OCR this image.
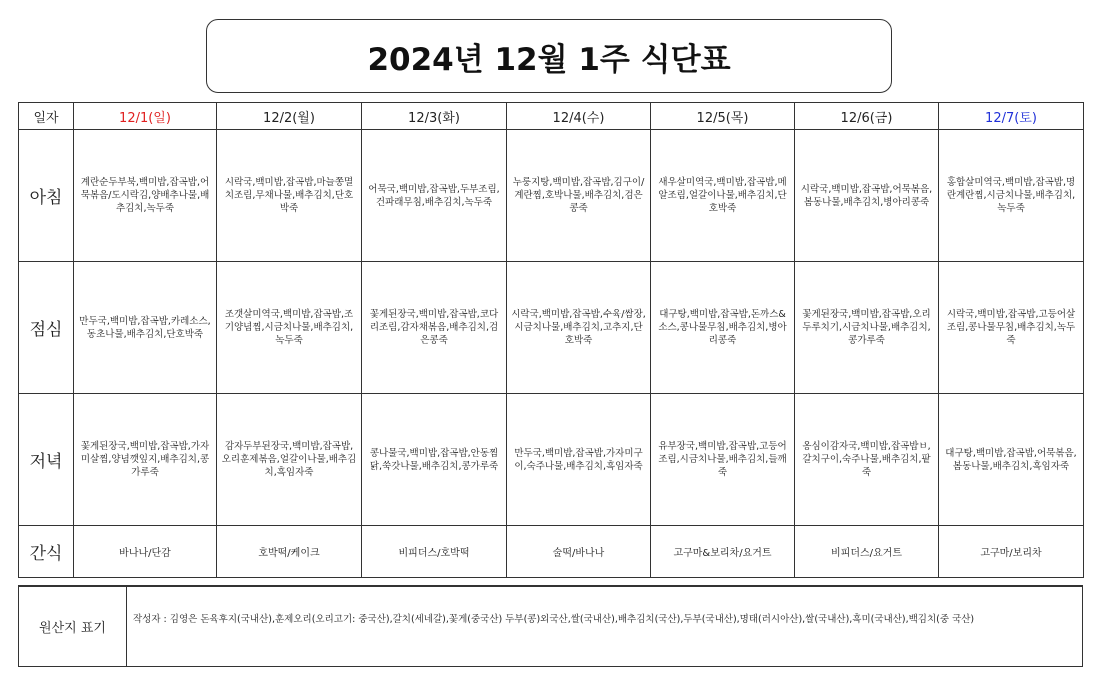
2024년 12월 1주 식단표
일자	12/1(일)	12/2(월)	12/3(화)	12/4(수)	12/5(목)	12/6(금)	12/7(토)
아침	계란순두부북,백미밥,잡곡밥,어묵볶음/도시락김,양배추나물,배추김치,녹두죽	시락국,백미밥,잡곡밥,마늘쫑멸치조림,무채나물,배추김치,단호박죽	어묵국,백미밥,잡곡밥,두부조림,건파래무침,배추김치,녹두죽	누룽지탕,백미밥,잡곡밥,김구이/계란찜,호박나물,배추김치,검은콩죽	새우살미역국,백미밥,잡곡밥,메알조림,얼갈이나물,배추김치,단호박죽	시락국,백미밥,잡곡밥,어묵볶음,봄동나물,배추김치,병아리콩죽	홍합살미역국,백미밥,잡곡밥,명란계란찜,시금치나물,배추김치,녹두죽
점심	만두국,백미밥,잡곡밥,카레소스,동초나물,배추김치,단호박죽	조갯살미역국,백미밥,잡곡밥,조기양념찜,시금치나물,배추김치,녹두죽	꽃게된장국,백미밥,잡곡밥,코다리조림,감자채볶음,배추김치,검은콩죽	시락국,백미밥,잡곡밥,수육/쌈장,시금치나물,배추김치,고추지,단호박죽	대구탕,백미밥,잡곡밥,돈까스&소스,콩나물무침,배추김치,병아리콩죽	꽃게된장국,백미밥,잡곡밥,오리두루치기,시금치나물,배추김치,콩가루죽	시락국,백미밥,잡곡밥,고등어살조림,콩나물무침,배추김치,녹두죽
저녁	꽃게된장국,백미밥,잡곡밥,가자미살찜,양념깻잎지,배추김치,콩가루죽	감자두부된장국,백미밥,잡곡밥,오리훈제볶음,얼갈이나물,배추김치,흑임자죽	콩나물국,백미밥,잡곡밥,안동찜닭,쑥갓나물,배추김치,콩가루죽	만두국,백미밥,잡곡밥,가자미구이,숙주나물,배추김치,흑임자죽	유부장국,백미밥,잡곡밥,고등어조림,시금치나물,배추김치,들깨죽	옹심이감자국,백미밥,잡곡밥ㅂ,갈치구이,숙주나물,배추김치,팥죽	대구탕,백미밥,잡곡밥,어묵볶음,봄동나물,배추김치,흑임자죽
간식	바나나/단감	호박떡/케이크	비피더스/호박떡	술떡/바나나	고구마&보리차/요거트	비피더스/요거트	고구마/보리차
원산지 표기
작성자 : 김영은 돈육후지(국내산),훈제오리(오리고기: 중국산),갈치(세네갈),꽃게(중국산) 두부(콩)외국산,쌀(국내산),배추김치(국산),두부(국내산),명태(러시아산),쌀(국내산),흑미(국내산),백김치(중 국산)
